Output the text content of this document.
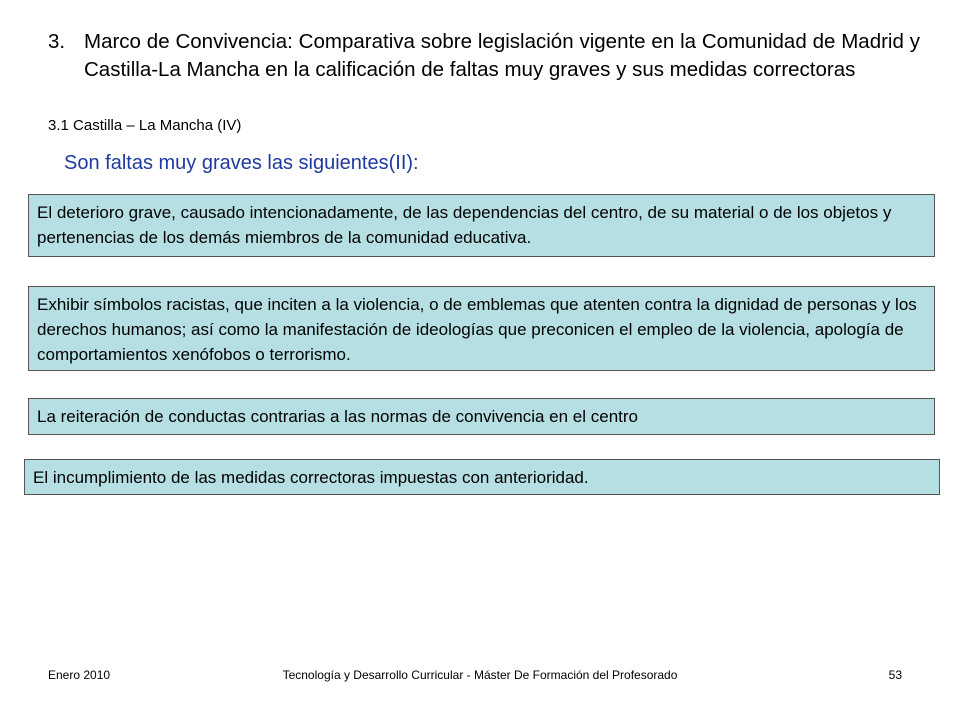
3. Marco de Convivencia: Comparativa sobre legislación vigente en la Comunidad de Madrid y Castilla-La Mancha en la calificación de faltas muy graves y sus medidas correctoras
3.1 Castilla – La Mancha (IV)
Son faltas muy graves las siguientes(II):
El deterioro grave, causado intencionadamente, de las dependencias del centro, de su material o de los objetos y pertenencias de los demás miembros de la comunidad educativa.
Exhibir símbolos racistas, que inciten a la violencia, o de emblemas que atenten contra la dignidad de personas y los derechos humanos; así como la manifestación de ideologías que preconicen el empleo de la violencia, apología de comportamientos xenófobos o terrorismo.
La reiteración de conductas contrarias a las normas de convivencia en el centro
El incumplimiento de las medidas correctoras impuestas con anterioridad.
Enero 2010	Tecnología y Desarrollo Curricular - Máster De Formación del Profesorado	53
